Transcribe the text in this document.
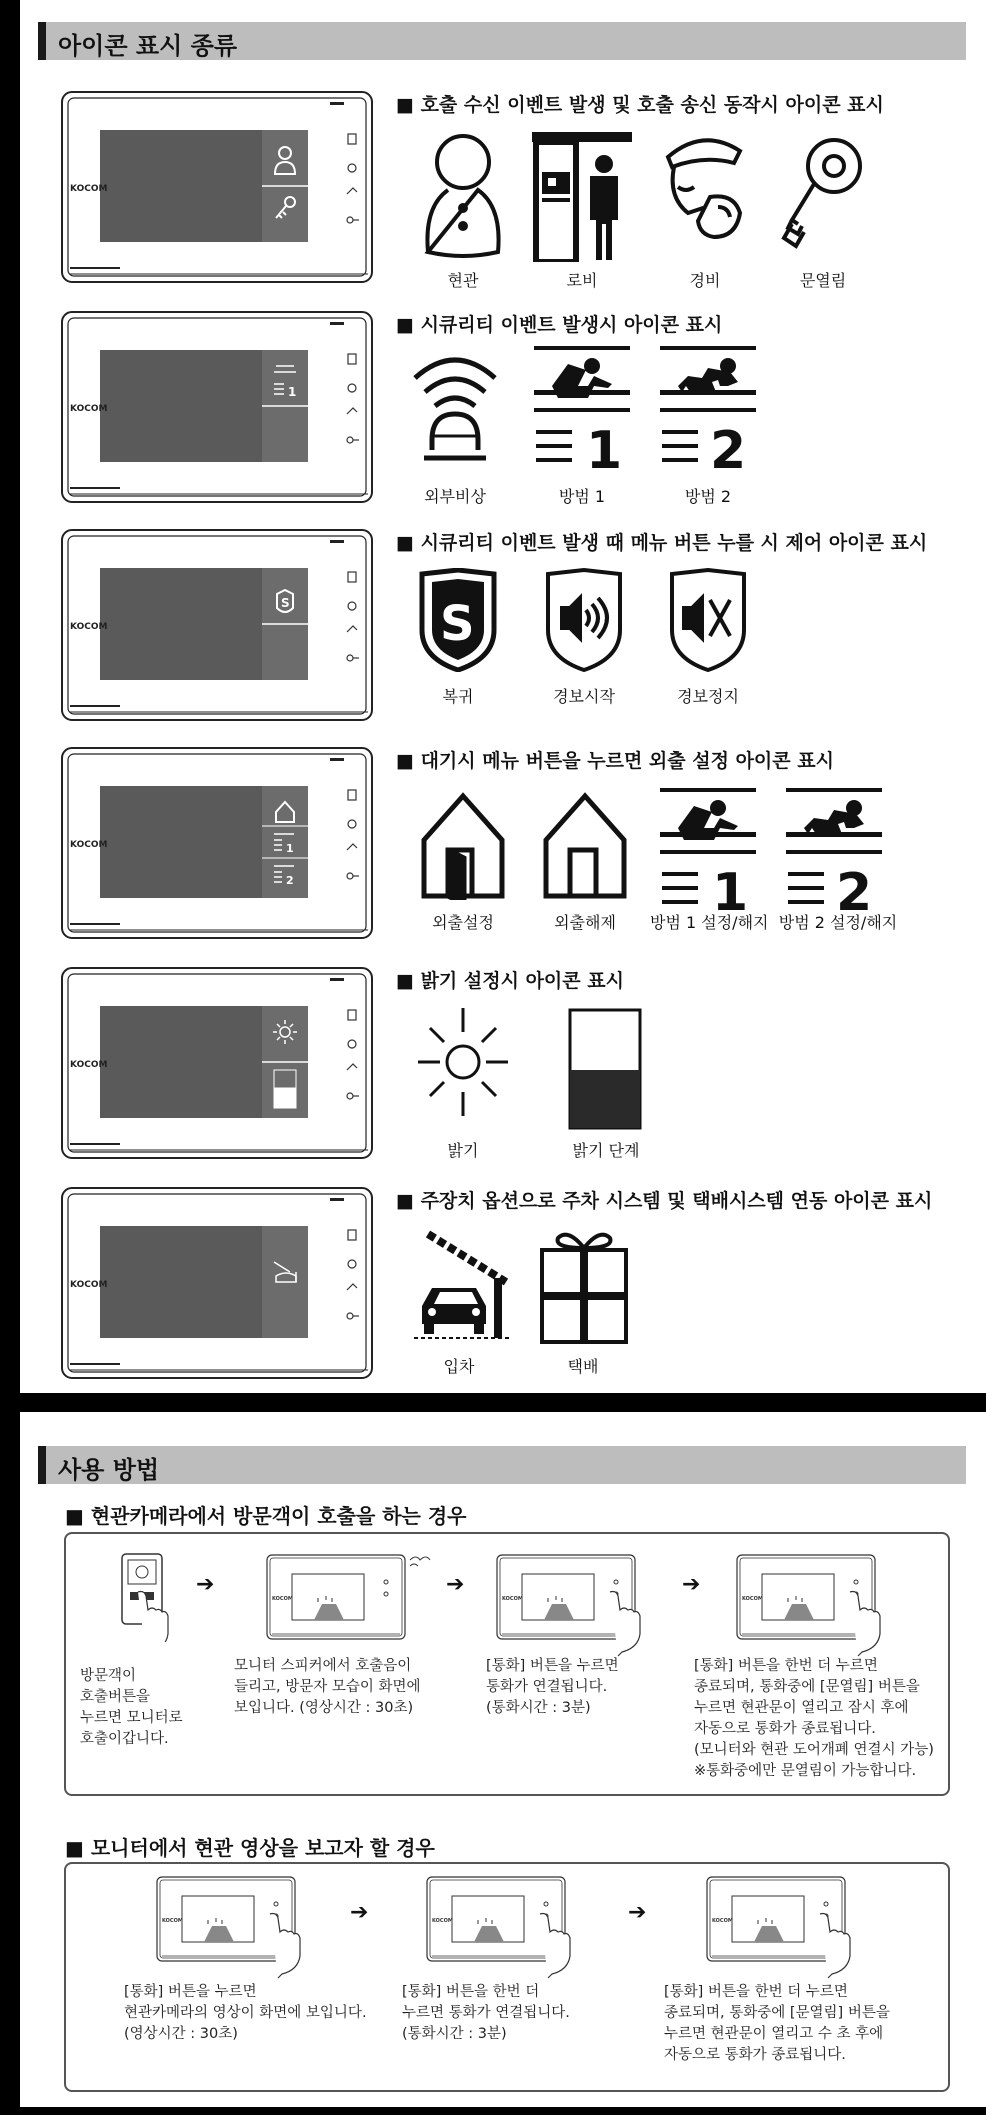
아이콘 표시 종류
■ 호출 수신 이벤트 발생 및 호출 송신 동작시 아이콘 표시
현관	로비	경비	문열림
1
■ 시큐리티 이벤트 발생시 아이콘 표시
외부비상
1
방범 1
2
방범 2
S
■ 시큐리티 이벤트 발생 때 메뉴 버튼 누를 시 제어 아이콘 표시
S
복귀	경보시작	경보정지
1
2
■ 대기시 메뉴 버튼을 누르면 외출 설정 아이콘 표시
외출설정	외출해제 1
방범 1 설정/해지 2
방범 2 설정/해지
■ 밝기 설정시 아이콘 표시
밝기	밝기 단계
■ 주장치 옵션으로 주차 시스템 및 택배시스템 연동 아이콘 표시
입차	택배
사용 방법
■ 현관카메라에서 방문객이 호출을 하는 경우
➔	➔	➔
방문객이
호출버튼을
누르면 모니터로
호출이갑니다.
모니터 스피커에서 호출음이
들리고, 방문자 모습이 화면에
보입니다. (영상시간 : 30초)
[통화] 버튼을 누르면
통화가 연결됩니다.
(통화시간 : 3분)
[통화] 버튼을 한번 더 누르면
종료되며, 통화중에 [문열림] 버튼을
누르면 현관문이 열리고 잠시 후에
자동으로 통화가 종료됩니다.
(모니터와 현관 도어개폐 연결시 가능)
※통화중에만 문열림이 가능합니다.
■ 모니터에서 현관 영상을 보고자 할 경우
➔	➔
[통화] 버튼을 누르면
현관카메라의 영상이 화면에 보입니다.
(영상시간 : 30초)
[통화] 버튼을 한번 더
누르면 통화가 연결됩니다.
(통화시간 : 3분)
[통화] 버튼을 한번 더 누르면
종료되며, 통화중에 [문열림] 버튼을
누르면 현관문이 열리고 수 초 후에
자동으로 통화가 종료됩니다.
